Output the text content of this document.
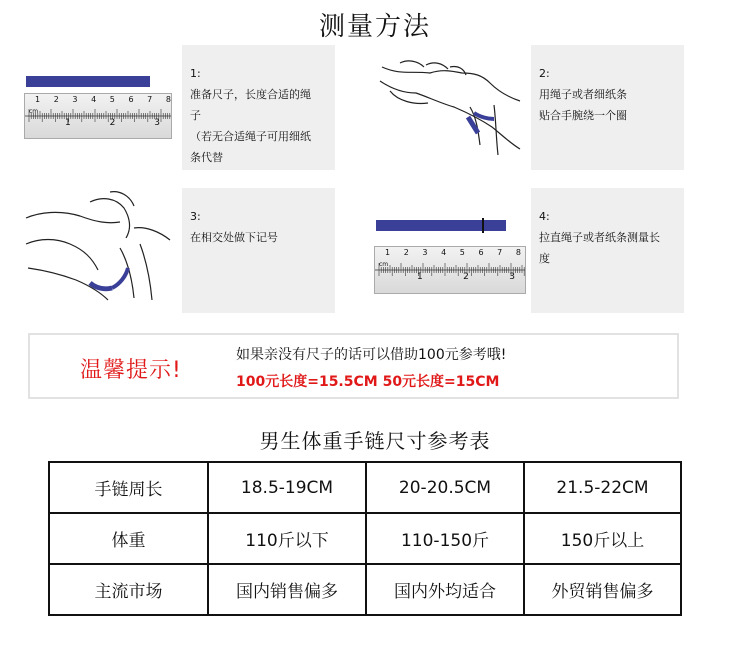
测量方法
cm
1 2 3 4 5 6 7 8
1	2	3
1:
准备尺子，长度合适的绳
子
（若无合适绳子可用细纸
条代替
2:
用绳子或者细纸条
贴合手腕绕一个圈
3:
在相交处做下记号
cm
1 2 3 4 5 6 7 8
1	2	3
4:
拉直绳子或者纸条测量长
度
温馨提示!
如果亲没有尺子的话可以借助100元参考哦!
100元长度=15.5CM 50元长度=15CM
男生体重手链尺寸参考表
手链周长	18.5-19CM	20-20.5CM	21.5-22CM
体重	110斤以下	110-150斤	150斤以上
主流市场	国内销售偏多	国内外均适合	外贸销售偏多
